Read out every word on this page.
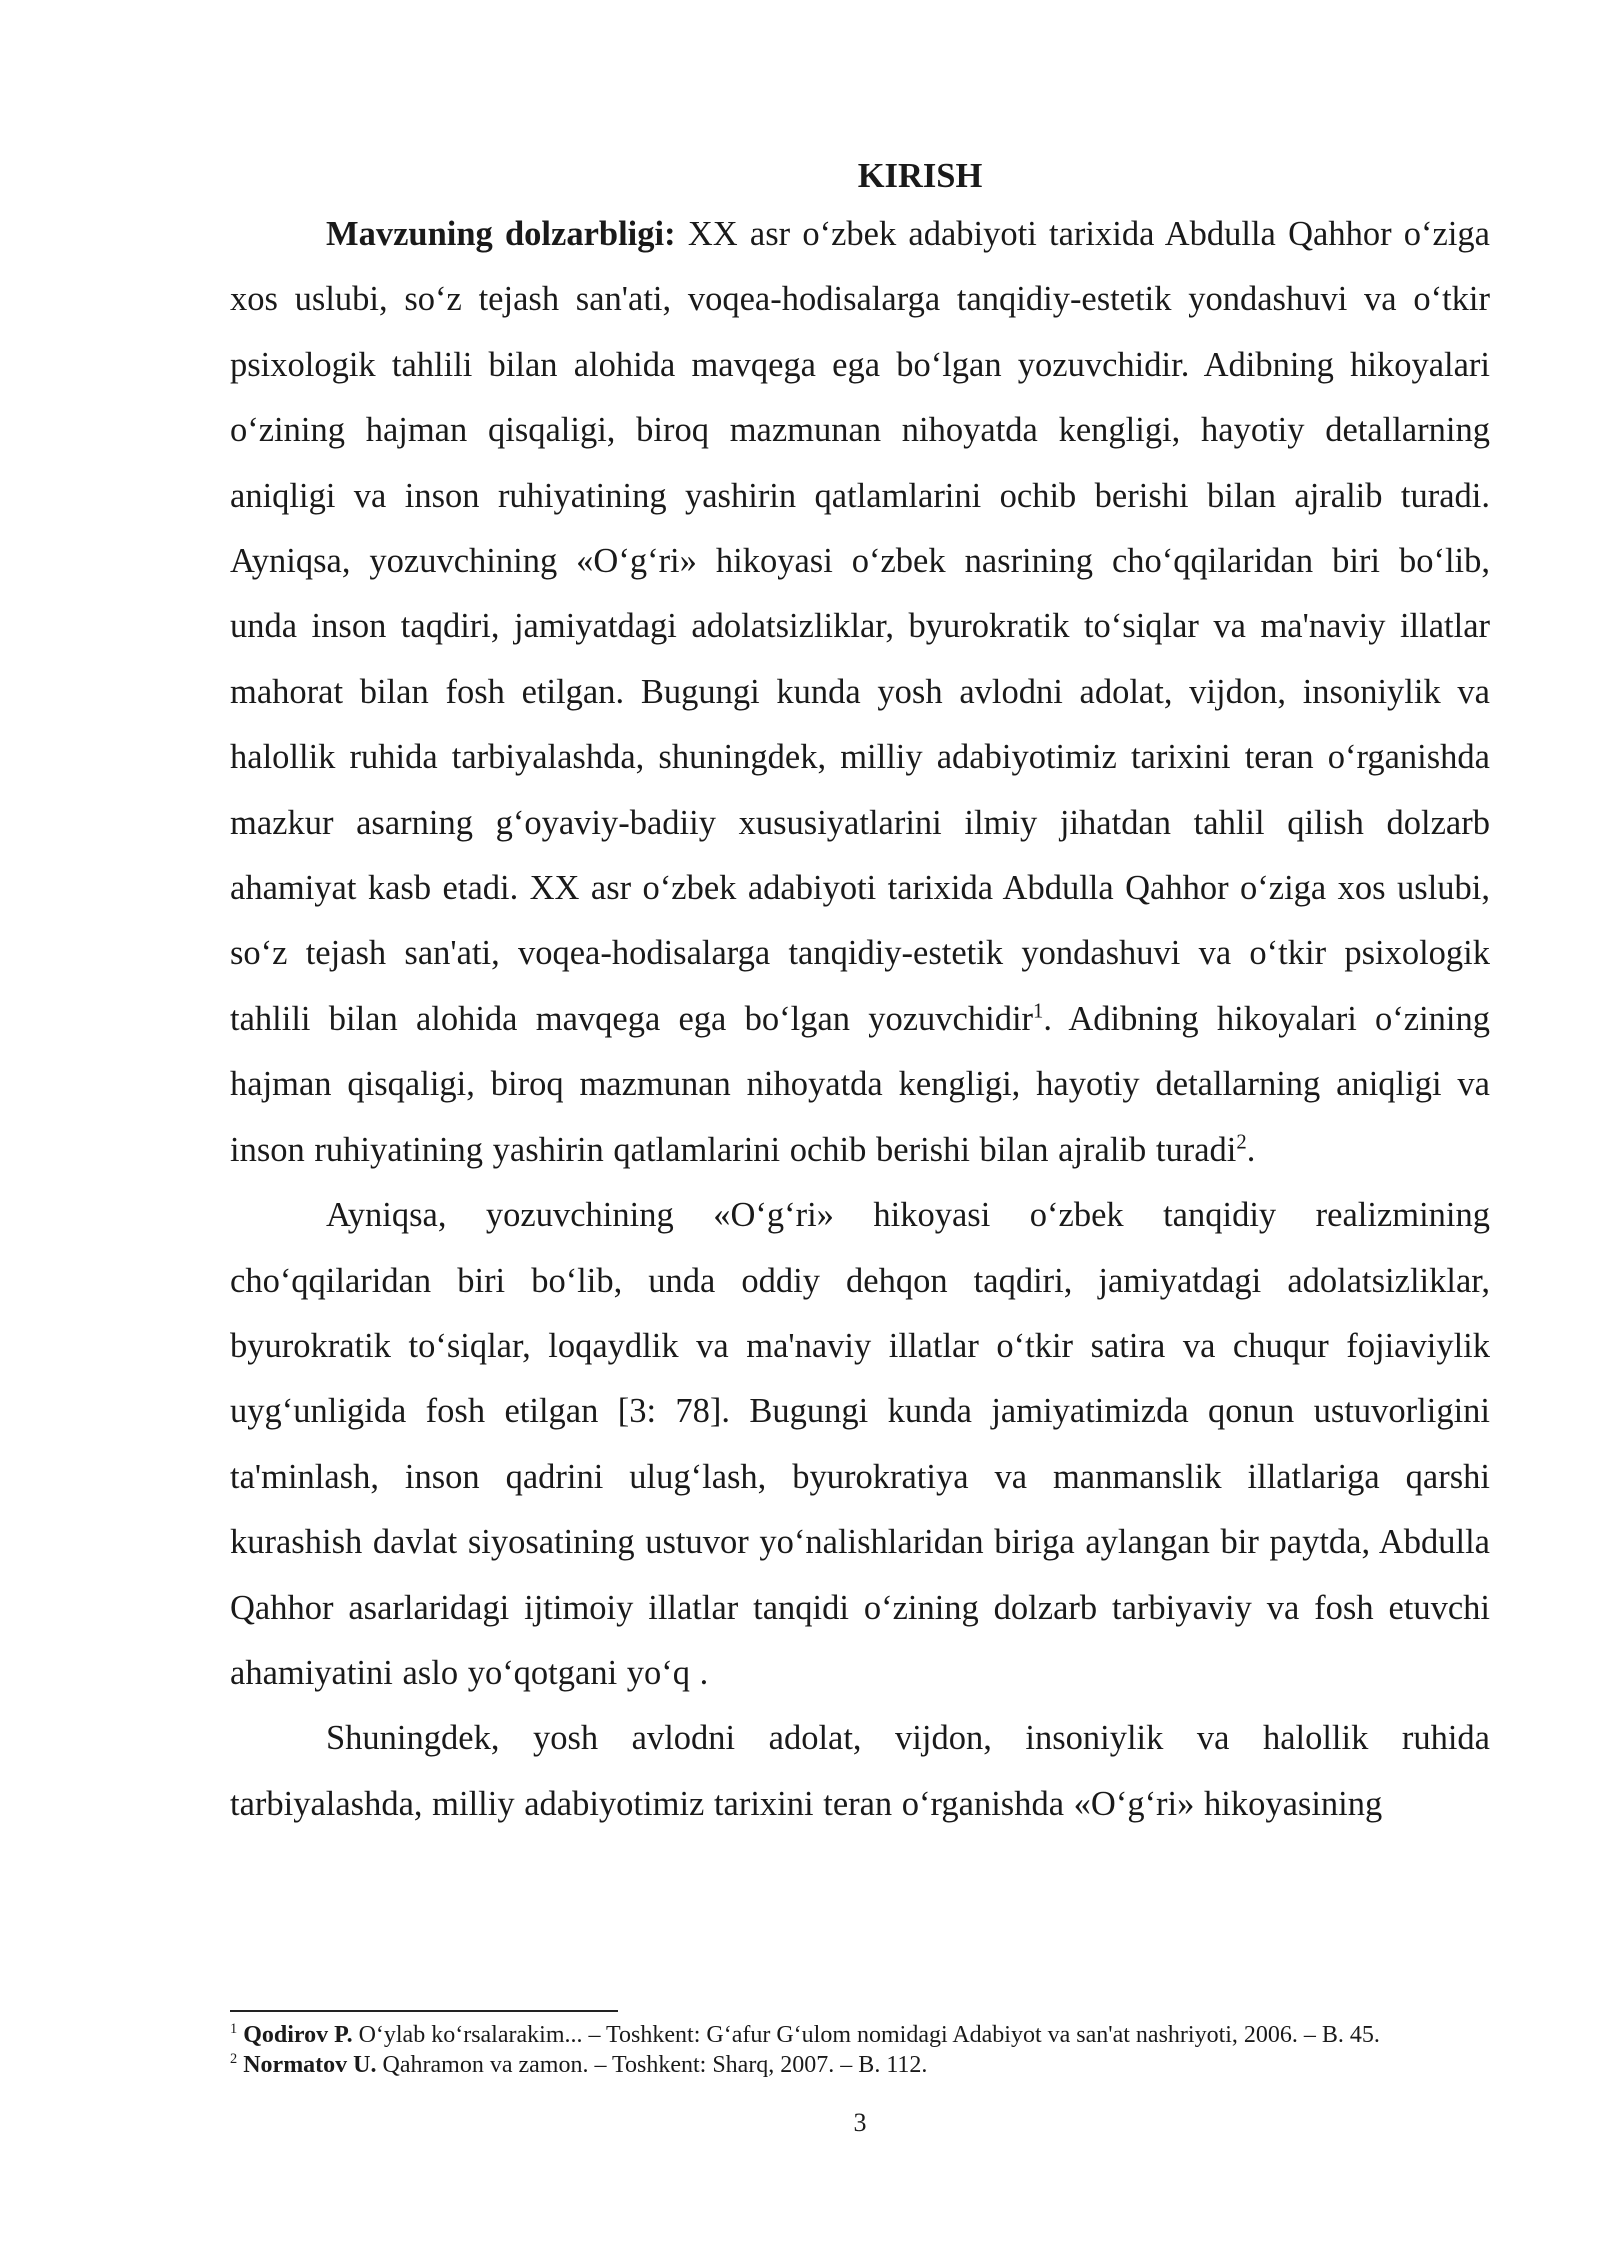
KIRISH

Mavzuning dolzarbligi: XX asr o‘zbek adabiyoti tarixida Abdulla Qahhor o‘ziga xos uslubi, so‘z tejash san'ati, voqea-hodisalarga tanqidiy-estetik yondashuvi va o‘tkir psixologik tahlili bilan alohida mavqega ega bo‘lgan yozuvchidir. Adibning hikoyalari o‘zining hajman qisqaligi, biroq mazmunan nihoyatda kengligi, hayotiy detallarning aniqligi va inson ruhiyatining yashirin qatlamlarini ochib berishi bilan ajralib turadi. Ayniqsa, yozuvchining «O‘g‘ri» hikoyasi o‘zbek nasrining cho‘qqilaridan biri bo‘lib, unda inson taqdiri, jamiyatdagi adolatsizliklar, byurokratik to‘siqlar va ma'naviy illatlar mahorat bilan fosh etilgan. Bugungi kunda yosh avlodni adolat, vijdon, insoniylik va halollik ruhida tarbiyalashda, shuningdek, milliy adabiyotimiz tarixini teran o‘rganishda mazkur asarning g‘oyaviy-badiiy xususiyatlarini ilmiy jihatdan tahlil qilish dolzarb ahamiyat kasb etadi. XX asr o‘zbek adabiyoti tarixida Abdulla Qahhor o‘ziga xos uslubi, so‘z tejash san'ati, voqea-hodisalarga tanqidiy-estetik yondashuvi va o‘tkir psixologik tahlili bilan alohida mavqega ega bo‘lgan yozuvchidir$^1$. Adibning hikoyalari o‘zining hajman qisqaligi, biroq mazmunan nihoyatda kengligi, hayotiy detallarning aniqligi va inson ruhiyatining yashirin qatlamlarini ochib berishi bilan ajralib turadi$^2$.

Ayniqsa, yozuvchining «O‘g‘ri» hikoyasi o‘zbek tanqidiy realizmining cho‘qqilaridan biri bo‘lib, unda oddiy dehqon taqdiri, jamiyatdagi adolatsizliklar, byurokratik to‘siqlar, loqaydlik va ma'naviy illatlar o‘tkir satira va chuqur fojiaviylik uyg‘unligida fosh etilgan [3: 78]. Bugungi kunda jamiyatimizda qonun ustuvorligini ta'minlash, inson qadrini ulug‘lash, byurokratiya va manmanslik illatlariga qarshi kurashish davlat siyosatining ustuvor yo‘nalishlaridan biriga aylangan bir paytda, Abdulla Qahhor asarlaridagi ijtimoiy illatlar tanqidi o‘zining dolzarb tarbiyaviy va fosh etuvchi ahamiyatini aslo yo‘qotgani yo‘q .

Shuningdek, yosh avlodni adolat, vijdon, insoniylik va halollik ruhida tarbiyalashda, milliy adabiyotimiz tarixini teran o‘rganishda «O‘g‘ri» hikoyasining

$^1$ Qodirov P. O‘ylab ko‘rsalarakim... – Toshkent: G‘afur G‘ulom nomidagi Adabiyot va san'at nashriyoti, 2006. – B. 45.

$^2$ Normatov U. Qahramon va zamon. – Toshkent: Sharq, 2007. – B. 112.

3
